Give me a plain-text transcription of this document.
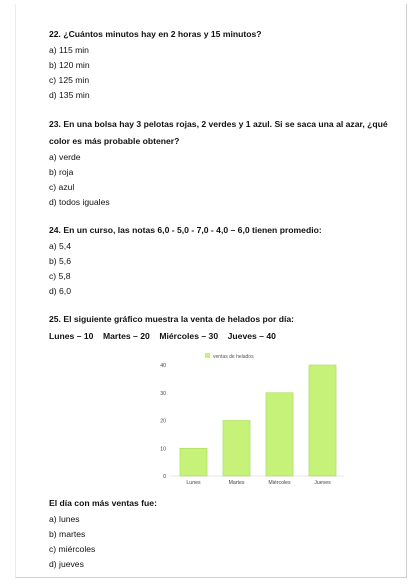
22. ¿Cuántos minutos hay en 2 horas y 15 minutos?

a) 115 min

b) 120 min

c) 125 min

d) 135 min

23. En una bolsa hay 3 pelotas rojas, 2 verdes y 1 azul. Si se saca una al azar, ¿qué color es más probable obtener?

a) verde

b) roja

c) azul

d) todos iguales

24. En un curso, las notas 6,0 - 5,0 - 7,0 - 4,0 – 6,0 tienen promedio:

a) 5,4

b) 5,6

c) 5,8

d) 6,0

25. El siguiente gráfico muestra la venta de helados por día:

Lunes – 10    Martes – 20    Miércoles – 30    Jueves – 40

ventas de helados
0
10
20
30
40
Lunes	Martes	Miércoles	Jueves

El día con más ventas fue:

a) lunes

b) martes

c) miércoles

d) jueves
